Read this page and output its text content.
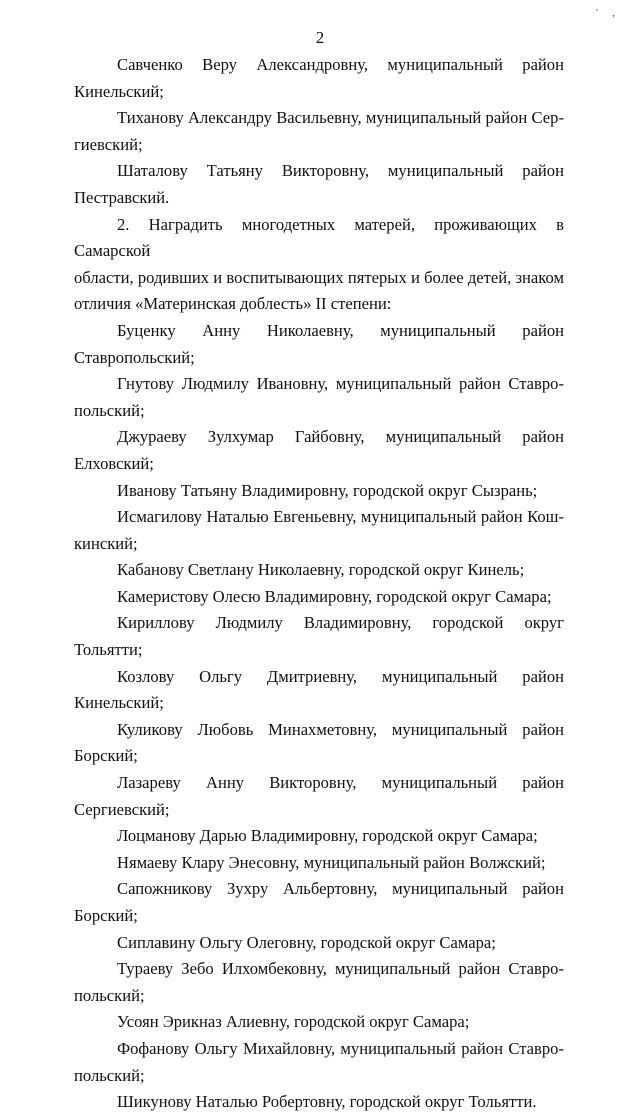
2
' ,
Савченко Веру Александровну, муниципальный район Кинельский;
Тиханову Александру Васильевну, муниципальный район Сер-
гиевский;
Шаталову Татьяну Викторовну, муниципальный район Пестравский.
2. Наградить многодетных матерей, проживающих в Самарской
области, родивших и воспитывающих пятерых и более детей, знаком
отличия «Материнская доблесть» II степени:
Буценку Анну Николаевну, муниципальный район Ставропольский;
Гнутову Людмилу Ивановну, муниципальный район Ставро-
польский;
Джураеву Зулхумар Гайбовну, муниципальный район Елховский;
Иванову Татьяну Владимировну, городской округ Сызрань;
Исмагилову Наталью Евгеньевну, муниципальный район Кош-
кинский;
Кабанову Светлану Николаевну, городской округ Кинель;
Камеристову Олесю Владимировну, городской округ Самара;
Кириллову Людмилу Владимировну, городской округ Тольятти;
Козлову Ольгу Дмитриевну, муниципальный район Кинельский;
Куликову Любовь Минахметовну, муниципальный район Борский;
Лазареву Анну Викторовну, муниципальный район Сергиевский;
Лоцманову Дарью Владимировну, городской округ Самара;
Нямаеву Клару Энесовну, муниципальный район Волжский;
Сапожникову Зухру Альбертовну, муниципальный район Борский;
Сиплавину Ольгу Олеговну, городской округ Самара;
Тураеву Зебо Илхомбековну, муниципальный район Ставро-
польский;
Усоян Эрикназ Алиевну, городской округ Самара;
Фофанову Ольгу Михайловну, муниципальный район Ставро-
польский;
Шикунову Наталью Робертовну, городской округ Тольятти.
